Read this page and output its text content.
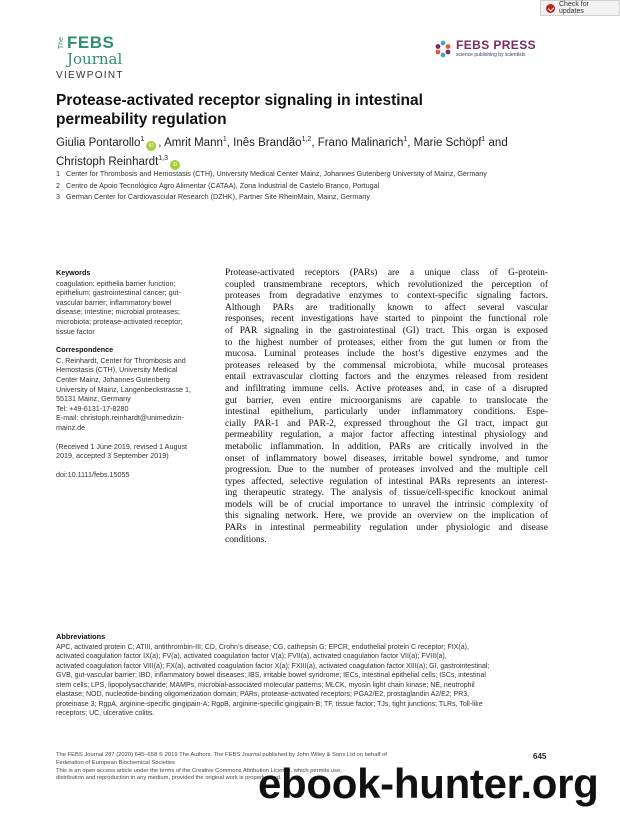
Check for updates
The FEBS
Journal
FEBS PRESS
science publishing by scientists
VIEWPOINT
Protease-activated receptor signaling in intestinal
permeability regulation
Giulia Pontarollo$^1$iD , Amrit Mann$^1$, Inês Brandão$^{1,2}$, Frano Malinarich$^1$, Marie Schöpf$^1$ and
Christoph Reinhardt$^{1,3}$iD
1 Center for Thrombosis and Hemostasis (CTH), University Medical Center Mainz, Johannes Gutenberg University of Mainz, Germany
2 Centro de Apoio Tecnológico Agro Alimentar (CATAA), Zona Industrial de Castelo Branco, Portugal
3 German Center for Cardiovascular Research (DZHK), Partner Site RheinMain, Mainz, Germany
Keywords
coagulation; epithelia barrier function;
epithelium; gastrointestinal cancer; gut-
vascular barrier; inflammatory bowel
disease; intestine; microbial proteases;
microbiota; protease-activated receptor;
tissue factor
Correspondence
C. Reinhardt, Center for Thrombosis and
Hemostasis (CTH), University Medical
Center Mainz, Johannes Gutenberg
University of Mainz, Langenbeckstrasse 1,
55131 Mainz, Germany
Tel: +49-6131-17-8280
E-mail: christoph.reinhardt@unimedizin-
mainz.de
(Received 1 June 2019, revised 1 August
2019, accepted 3 September 2019)
doi:10.1111/febs.15055
Protease-activated receptors (PARs) are a unique class of G-protein-
coupled transmembrane receptors, which revolutionized the perception of
proteases from degradative enzymes to context-specific signaling factors.
Although PARs are traditionally known to affect several vascular
responses, recent investigations have started to pinpoint the functional role
of PAR signaling in the gastrointestinal (GI) tract. This organ is exposed
to the highest number of proteases, either from the gut lumen or from the
mucosa. Luminal proteases include the host’s digestive enzymes and the
proteases released by the commensal microbiota, while mucosal proteases
entail extravascular clotting factors and the enzymes released from resident
and infiltrating immune cells. Active proteases and, in case of a disrupted
gut barrier, even entire microorganisms are capable to translocate the
intestinal epithelium, particularly under inflammatory conditions. Espe-
cially PAR-1 and PAR-2, expressed throughout the GI tract, impact gut
permeability regulation, a major factor affecting intestinal physiology and
metabolic inflammation. In addition, PARs are critically involved in the
onset of inflammatory bowel diseases, irritable bowel syndrome, and tumor
progression. Due to the number of proteases involved and the multiple cell
types affected, selective regulation of intestinal PARs represents an interest-
ing therapeutic strategy. The analysis of tissue/cell-specific knockout animal
models will be of crucial importance to unravel the intrinsic complexity of
this signaling network. Here, we provide an overview on the implication of
PARs in intestinal permeability regulation under physiologic and disease
conditions.
Abbreviations
APC, activated protein C; ATIII, antithrombin-III; CD, Crohn’s disease; CG, cathepsin G; EPCR, endothelial protein C receptor; FIX(a),
activated coagulation factor IX(a); FV(a), activated coagulation factor V(a); FVII(a), activated coagulation factor VII(a); FVIII(a),
activated coagulation factor VIII(a); FX(a), activated coagulation factor X(a); FXIII(a), activated coagulation factor XIII(a); GI, gastrointestinal;
GVB, gut-vascular barrier; IBD, inflammatory bowel diseases; IBS, irritable bowel syndrome; IECs, intestinal epithelial cells; ISCs, intestinal
stem cells; LPS, lipopolysaccharide; MAMPs, microbial-associated molecular patterns; MLCK, myosin light chain kinase; NE, neutrophil
elastase; NOD, nucleotide-binding oligomerization domain; PARs, protease-activated receptors; PGA2/E2, prostaglandin A2/E2; PR3,
proteinase 3; RgpA, arginine-specific gingipain-A; RgpB, arginine-specific gingipain-B; TF, tissue factor; TJs, tight junctions; TLRs, Toll-like
receptors; UC, ulcerative colitis.
The FEBS Journal 287 (2020) 645–658 © 2019 The Authors. The FEBS Journal published by John Wiley & Sons Ltd on behalf of
Federation of European Biochemical Societies
This is an open access article under the terms of the Creative Commons Attribution License, which permits use,
distribution and reproduction in any medium, provided the original work is properly cited.
645
ebook-hunter.org
